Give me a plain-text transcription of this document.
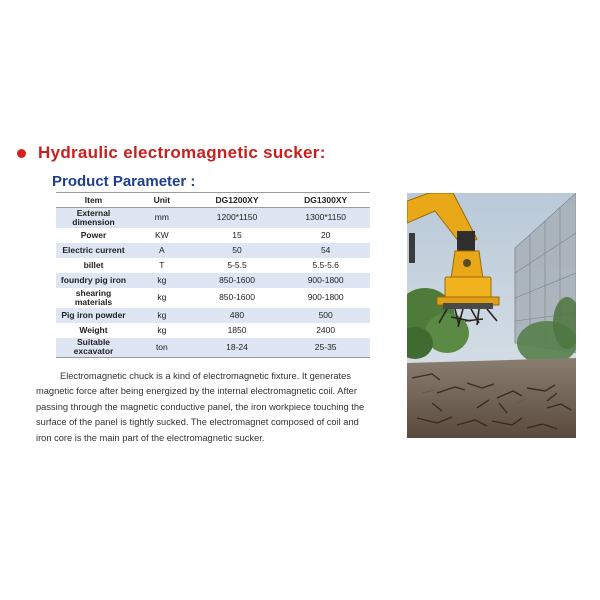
Hydraulic electromagnetic sucker:
Product Parameter :
Item	Unit	DG1200XY	DG1300XY
External dimension	mm	1200*1150	1300*1150
Power	KW	15	20
Electric current	A	50	54
billet	T	5-5.5	5.5-5.6
foundry pig iron	kg	850-1600	900-1800
shearing materials	kg	850-1600	900-1800
Pig iron powder	kg	480	500
Weight	kg	1850	2400
Suitable excavator	ton	18-24	25-35

Electromagnetic chuck is a kind of electromagnetic fixture. It generates magnetic force after being energized by the internal electromagnetic coil. After passing through the magnetic conductive panel, the iron workpiece touching the surface of the panel is tightly sucked. The electromagnet composed of coil and iron core is the main part of the electromagnetic sucker.
